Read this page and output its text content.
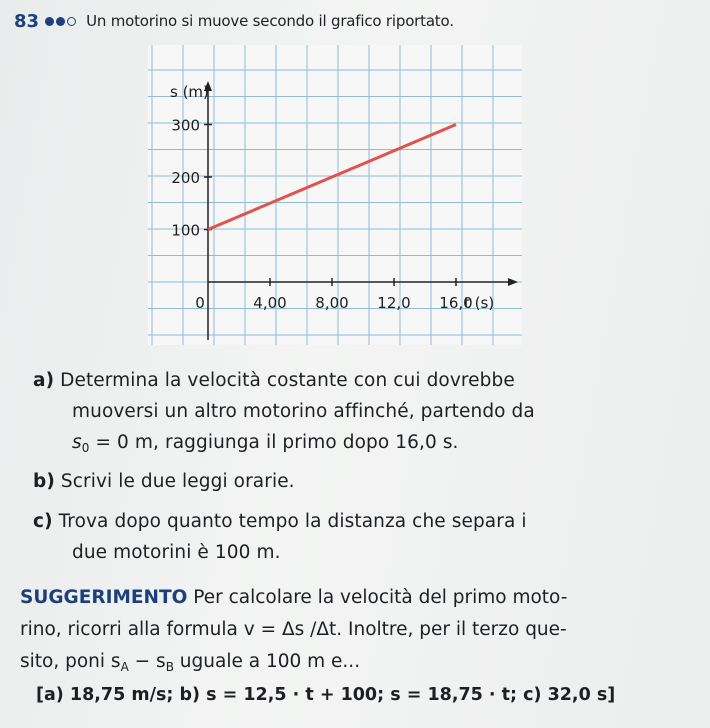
83	Un motorino si muove secondo il grafico riportato.
100
200
300
0	4,00 8,00 12,0 16,0
s (m)
t (s)
a) Determina la velocità costante con cui dovrebbe
muoversi un altro motorino affinché, partendo da
$s_0 = 0$ m, raggiunga il primo dopo 16,0 s.
b) Scrivi le due leggi orarie.
c) Trova dopo quanto tempo la distanza che separa i
due motorini è 100 m.
SUGGERIMENTO Per calcolare la velocità del primo moto-
rino, ricorri alla formula v = Δs /Δt. Inoltre, per il terzo que-
sito, poni $s_A - s_B$ uguale a 100 m e...
[a) 18,75 m/s; b) s = 12,5 · t + 100; s = 18,75 · t; c) 32,0 s]
